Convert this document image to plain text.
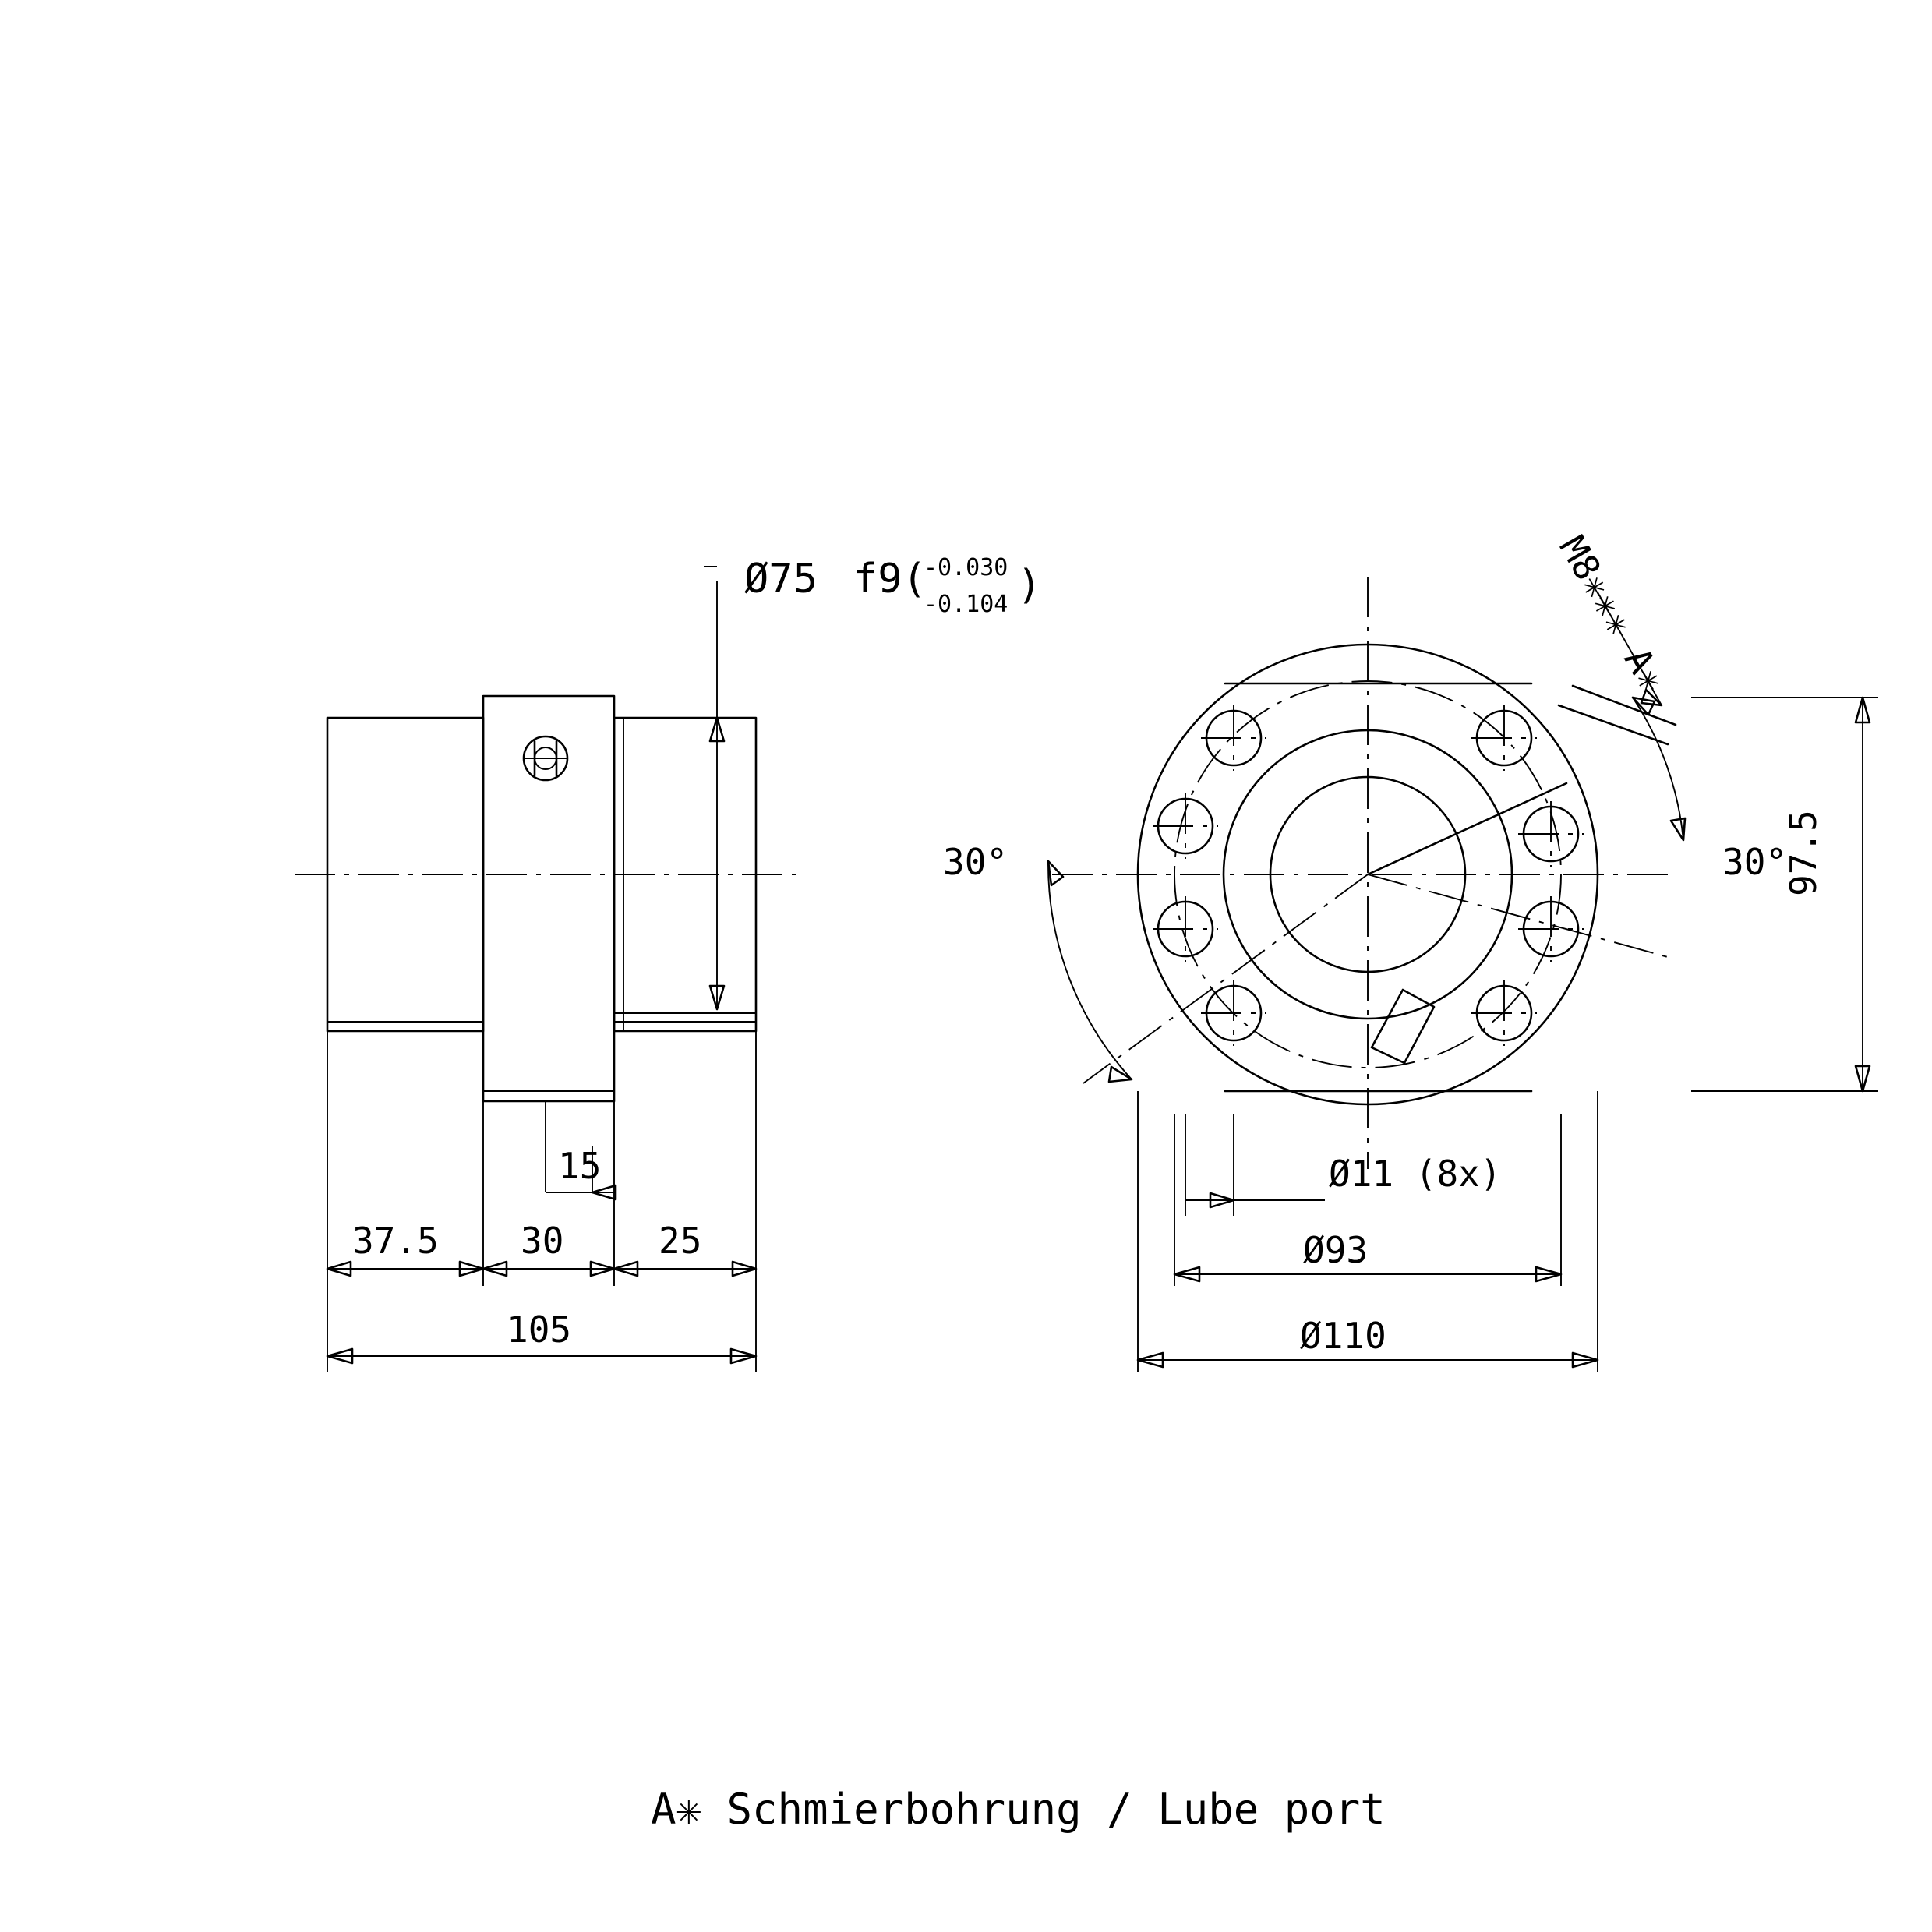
Ø75 f9(
-0.030
-0.104 )
15
37.5 30	25
105
30°	30°
97.5
Ø11 (8x)
Ø93
Ø110
M8✳✳✳ A✳
A✳ Schmierbohrung / Lube port
